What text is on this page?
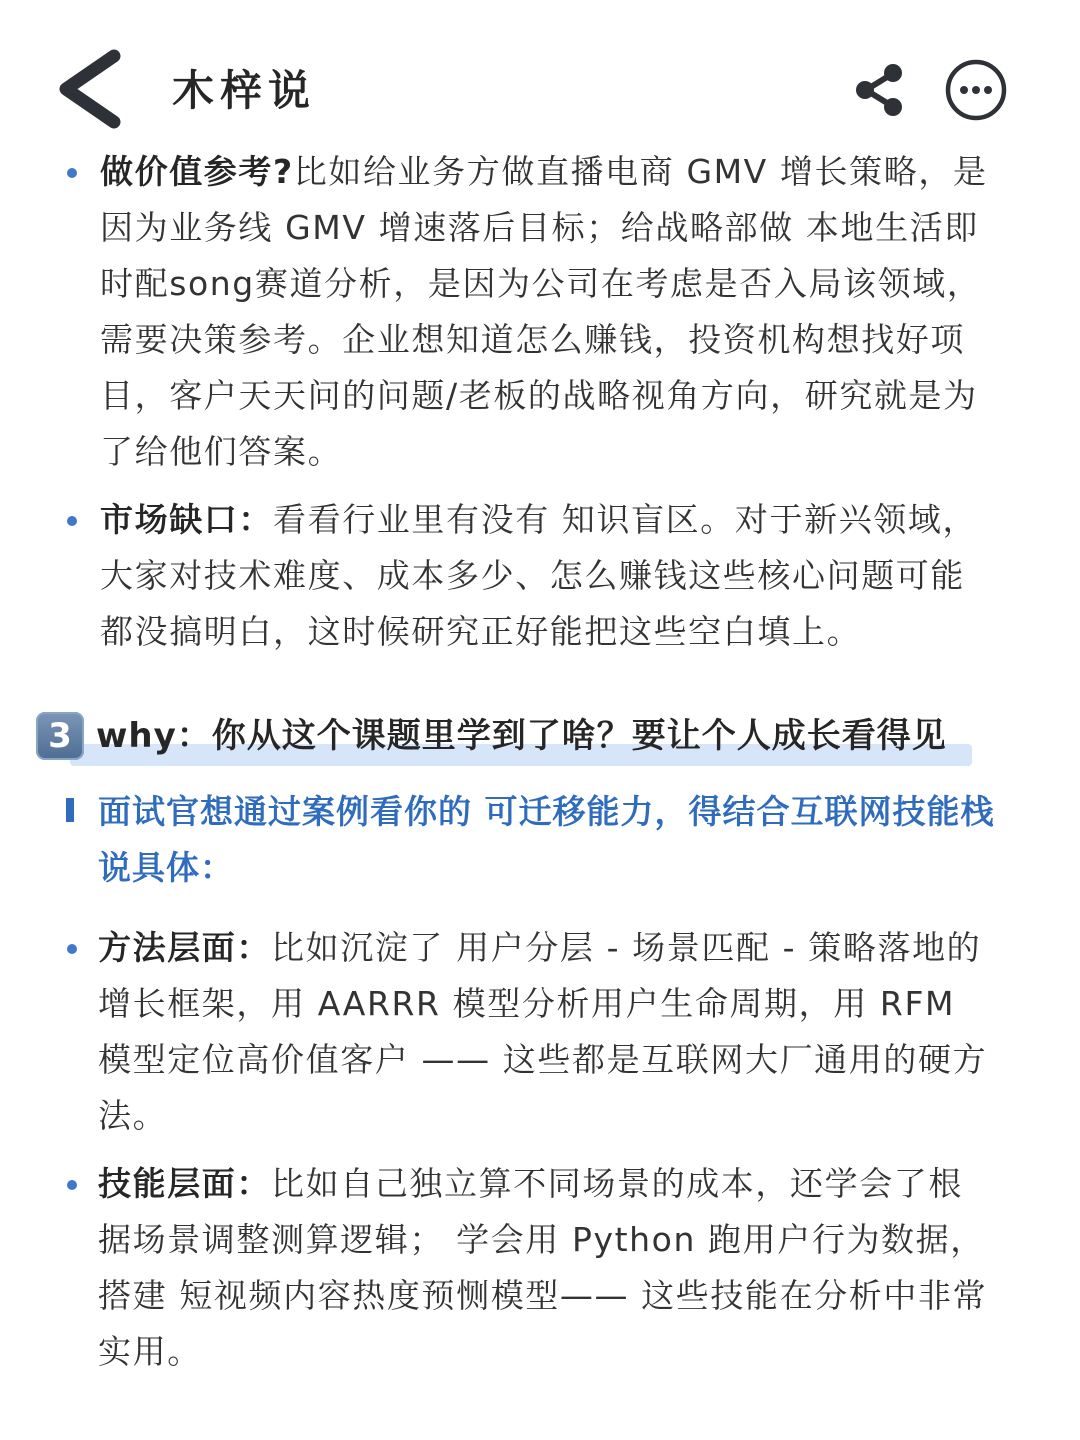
木梓说
做价值参考?比如给业务方做直播电商 GMV 增长策略，是因为业务线 GMV 增速落后目标；给战略部做 本地生活即时配song赛道分析，是因为公司在考虑是否入局该领域，需要决策参考。企业想知道怎么赚钱，投资机构想找好项目，客户天天问的问题/老板的战略视角方向，研究就是为了给他们答案。
市场缺口：看看行业里有没有 知识盲区。对于新兴领域，大家对技术难度、成本多少、怎么赚钱这些核心问题可能都没搞明白，这时候研究正好能把这些空白填上。
3 why：你从这个课题里学到了啥？要让个人成长看得见
面试官想通过案例看你的 可迁移能力，得结合互联网技能栈说具体：
方法层面：比如沉淀了 用户分层 - 场景匹配 - 策略落地的增长框架，用 AARRR 模型分析用户生命周期，用 RFM 模型定位高价值客户 —— 这些都是互联网大厂通用的硬方法。
技能层面：比如自己独立算不同场景的成本，还学会了根据场景调整测算逻辑； 学会用 Python 跑用户行为数据，搭建 短视频内容热度预恻模型—— 这些技能在分析中非常实用。
